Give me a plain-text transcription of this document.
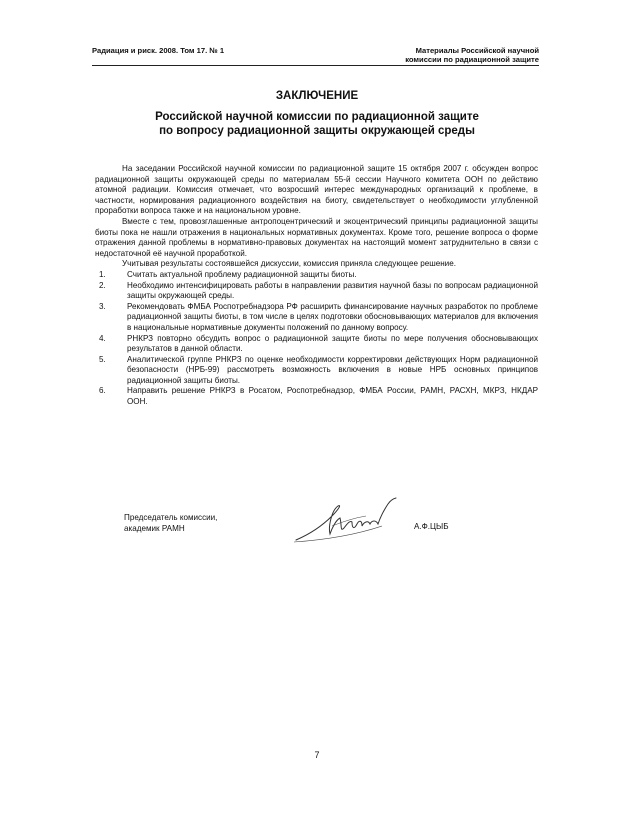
Радиация и риск. 2008. Том 17. № 1	Материалы Российской научной
комиссии по радиационной защите
ЗАКЛЮЧЕНИЕ
Российской научной комиссии по радиационной защите
по вопросу радиационной защиты окружающей среды

На заседании Российской научной комиссии по радиационной защите 15 октября 2007 г. обсужден вопрос радиационной защиты окружающей среды по материалам 55-й сессии Научного комитета ООН по действию атомной радиации. Комиссия отмечает, что возросший интерес международных организаций к проблеме, в частности, нормирования радиационного воздействия на биоту, свидетельствует о необходимости углубленной проработки вопроса также и на национальном уровне.

Вместе с тем, провозглашенные антропоцентрический и экоцентрический принципы радиационной защиты биоты пока не нашли отражения в национальных нормативных документах. Кроме того, решение вопроса о форме отражения данной проблемы в нормативно-правовых документах на настоящий момент затруднительно в связи с недостаточной её научной проработкой.

Учитывая результаты состоявшейся дискуссии, комиссия приняла следующее решение.

1.	Считать актуальной проблему радиационной защиты биоты.
2.	Необходимо интенсифицировать работы в направлении развития научной базы по вопросам радиационной защиты окружающей среды.
3.	Рекомендовать ФМБА Роспотребнадзора РФ расширить финансирование научных разработок по проблеме радиационной защиты биоты, в том числе в целях подготовки обосновывающих материалов для включения в национальные нормативные документы положений по данному вопросу.
4.	РНКРЗ повторно обсудить вопрос о радиационной защите биоты по мере получения обосновывающих результатов в данной области.
5.	Аналитической группе РНКРЗ по оценке необходимости корректировки действующих Норм радиационной безопасности (НРБ-99) рассмотреть возможность включения в новые НРБ основных принципов радиационной защиты биоты.
6.	Направить решение РНКРЗ в Росатом, Роспотребнадзор, ФМБА России, РАМН, РАСХН, МКРЗ, НКДАР ООН.
Председатель комиссии,
академик РАМН	А.Ф.ЦЫБ
7
